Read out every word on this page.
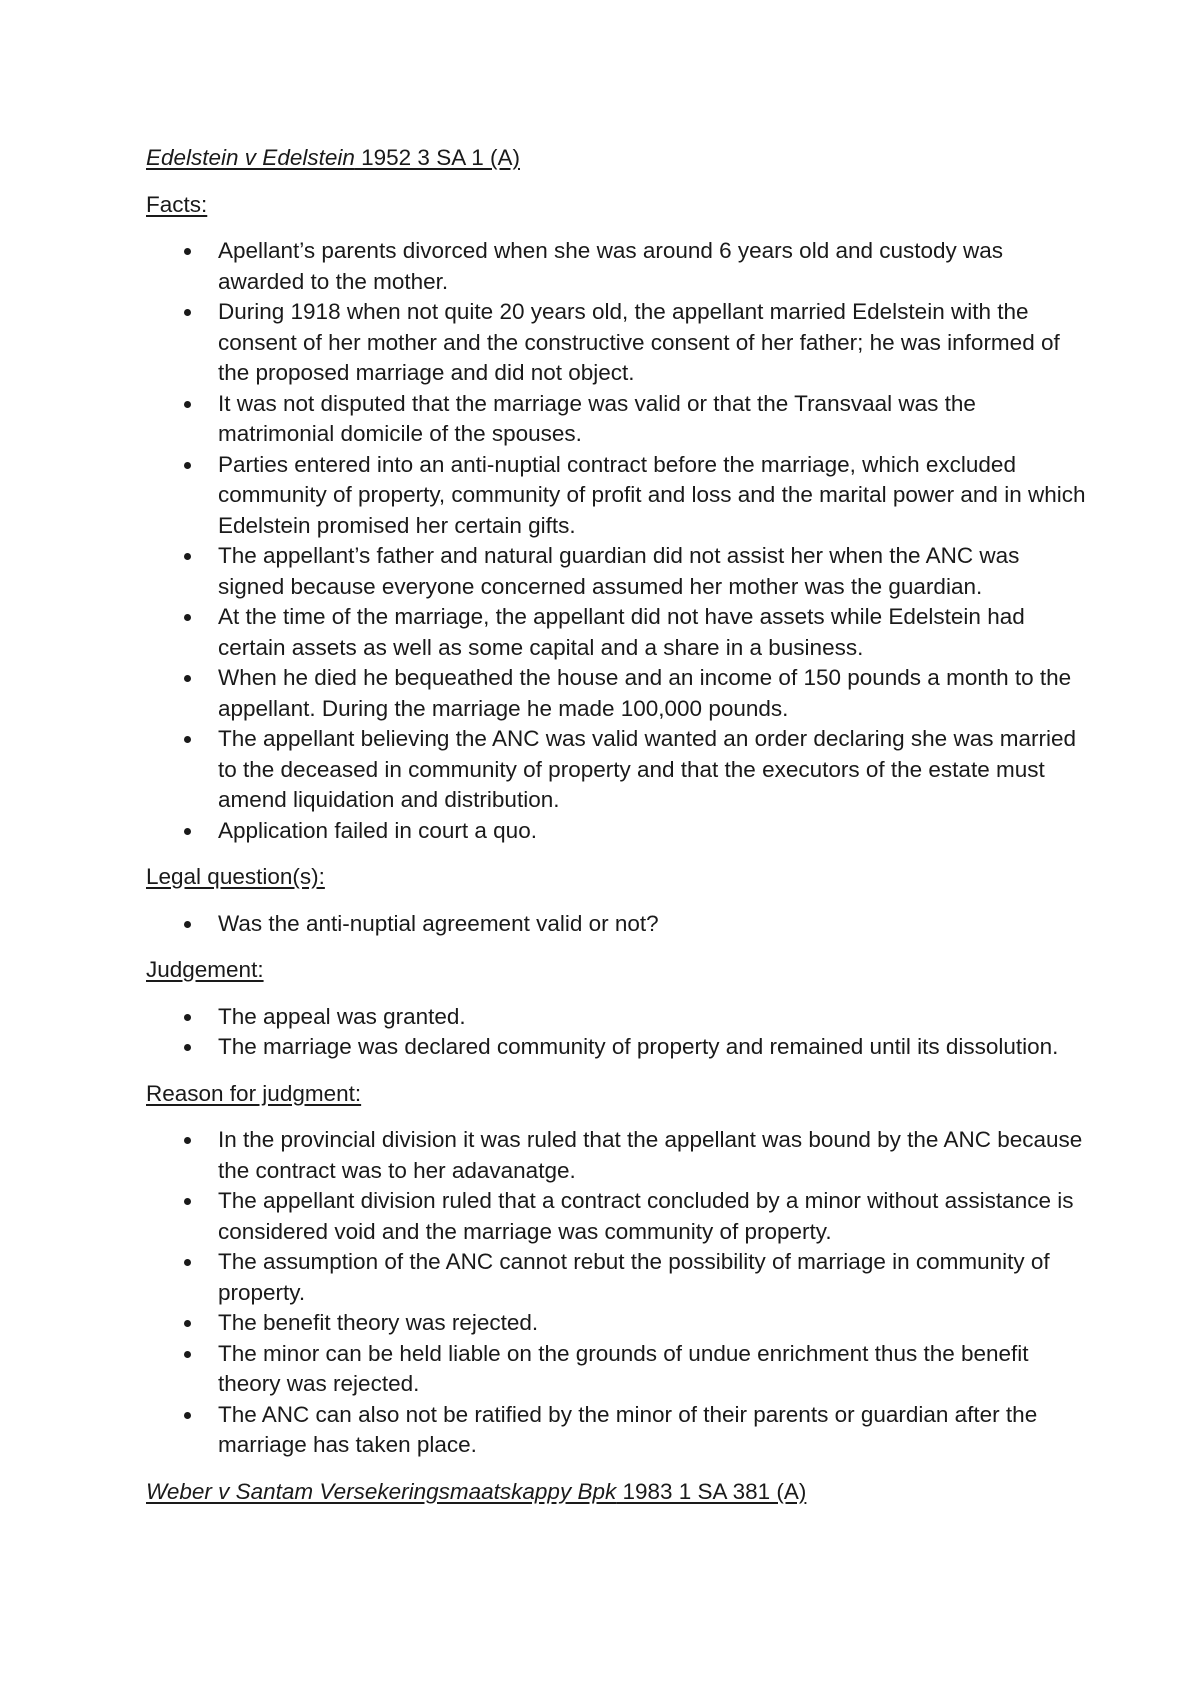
Edelstein v Edelstein 1952 3 SA 1 (A)

Facts:

Apellant’s parents divorced when she was around 6 years old and custody was awarded to the mother.
During 1918 when not quite 20 years old, the appellant married Edelstein with the consent of her mother and the constructive consent of her father; he was informed of the proposed marriage and did not object.
It was not disputed that the marriage was valid or that the Transvaal was the matrimonial domicile of the spouses.
Parties entered into an anti-nuptial contract before the marriage, which excluded community of property, community of profit and loss and the marital power and in which Edelstein promised her certain gifts.
The appellant’s father and natural guardian did not assist her when the ANC was signed because everyone concerned assumed her mother was the guardian.
At the time of the marriage, the appellant did not have assets while Edelstein had certain assets as well as some capital and a share in a business.
When he died he bequeathed the house and an income of 150 pounds a month to the appellant. During the marriage he made 100,000 pounds.
The appellant believing the ANC was valid wanted an order declaring she was married to the deceased in community of property and that the executors of the estate must amend liquidation and distribution.
Application failed in court a quo.

Legal question(s):

Was the anti-nuptial agreement valid or not?

Judgement:

The appeal was granted.
The marriage was declared community of property and remained until its dissolution.

Reason for judgment:

In the provincial division it was ruled that the appellant was bound by the ANC because the contract was to her adavanatge.
The appellant division ruled that a contract concluded by a minor without assistance is considered void and the marriage was community of property.
The assumption of the ANC cannot rebut the possibility of marriage in community of property.
The benefit theory was rejected.
The minor can be held liable on the grounds of undue enrichment thus the benefit theory was rejected.
The ANC can also not be ratified by the minor of their parents or guardian after the marriage has taken place.

Weber v Santam Versekeringsmaatskappy Bpk 1983 1 SA 381 (A)
